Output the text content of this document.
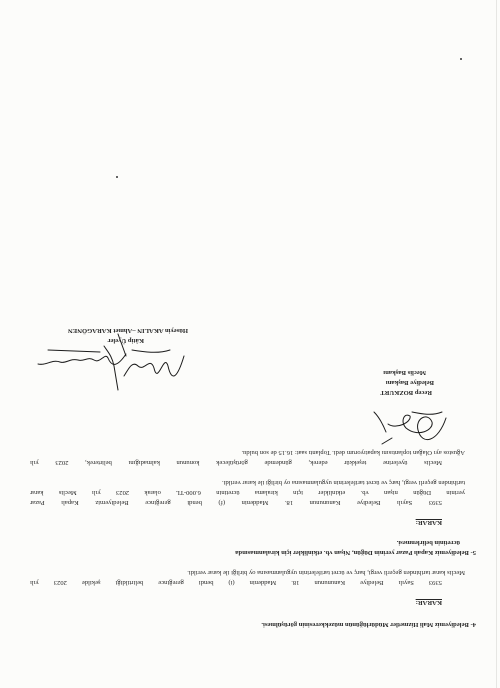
4- Belediyemiz Mali Hizmetler Müdürlüğünün müzekkeresinin görüşülmesi.
KARAR:
5393 Sayılı Belediye Kanununun 18. Maddenin (i) bendi gereğince belirtildiği şekilde 2023 yılı
Meclis karar tarihinden geçerli vergi, harç ve ücret tarifelerinin uygulanmasına oy birliği ile karar verildi.
5- Belediyemiz Kapalı Pazar yerinin Düğün, Nişan vb. etkinlikler için kiralanmasında
ücretinin belirlenmesi.
KARAR:
5393 Sayılı Belediye Kanununun 18. Maddenin (f) bendi gereğince Belediyemiz Kapalı Pazar
yerinin Düğün nişan vb. etkinlikler için kiralama ücretinin 6.000-TL olarak 2023 yılı Meclis karar
tarihinden geçerli vergi, harç ve ücret tarifelerinin uygulanmasına oy birliği ile karar verildi.
Meclis üyelerine teşekkür ederek, gündemde görüşülecek konunun kalmadığını belirterek, 2023 yılı
Ağustos ayı Olağan toplantısını kapatıyorum dedi. Toplantı saat: 16.15 de son buldu.
Recep BOZKURT
Belediye Başkanı
Meclis Başkanı
Kâtip Üyeler
Hüseyin AKALIN –Ahmet KARAGÖNEN
